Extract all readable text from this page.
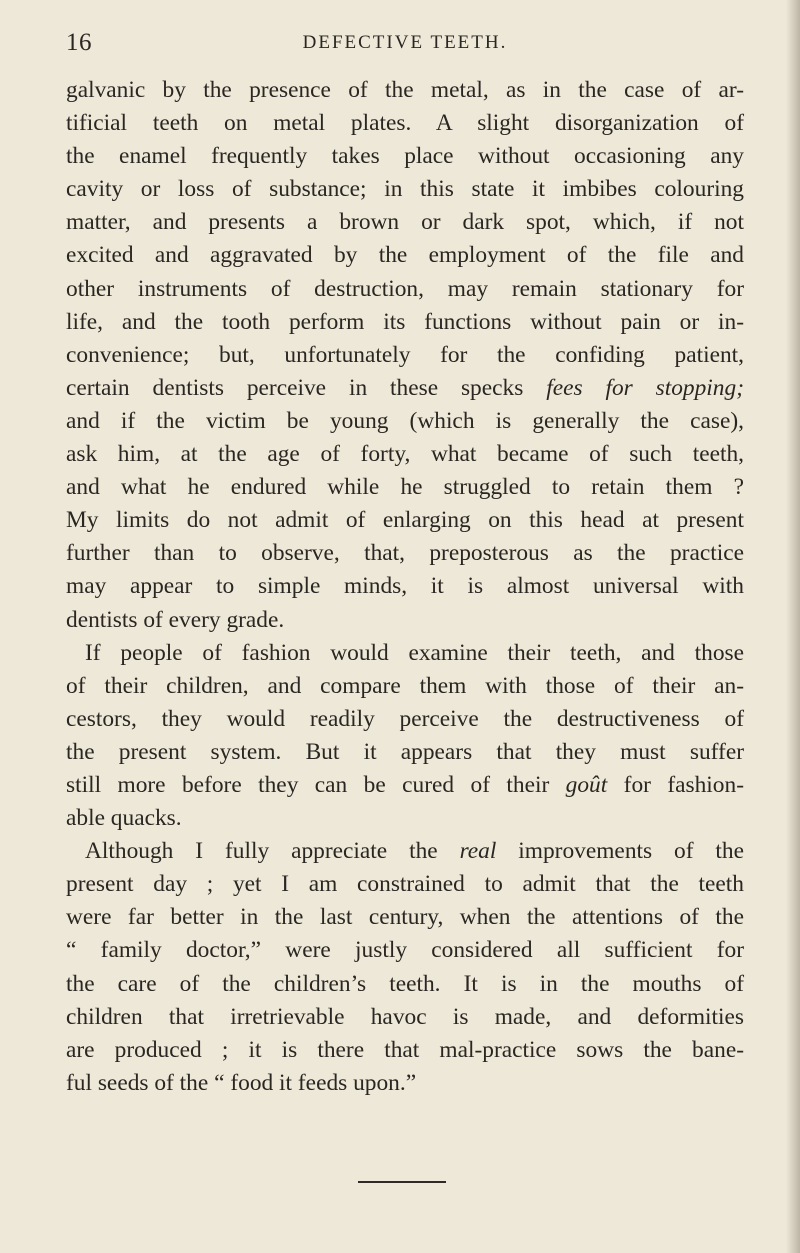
16	DEFECTIVE TEETH.
galvanic by the presence of the metal, as in the case of ar-
tificial teeth on metal plates. A slight disorganization of
the enamel frequently takes place without occasioning any
cavity or loss of substance; in this state it imbibes colouring
matter, and presents a brown or dark spot, which, if not
excited and aggravated by the employment of the file and
other instruments of destruction, may remain stationary for
life, and the tooth perform its functions without pain or in-
convenience; but, unfortunately for the confiding patient,
certain dentists perceive in these specks fees for stopping;
and if the victim be young (which is generally the case),
ask him, at the age of forty, what became of such teeth,
and what he endured while he struggled to retain them ?
My limits do not admit of enlarging on this head at present
further than to observe, that, preposterous as the practice
may appear to simple minds, it is almost universal with
dentists of every grade.
If people of fashion would examine their teeth, and those
of their children, and compare them with those of their an-
cestors, they would readily perceive the destructiveness of
the present system. But it appears that they must suffer
still more before they can be cured of their goût for fashion-
able quacks.
Although I fully appreciate the real improvements of the
present day ; yet I am constrained to admit that the teeth
were far better in the last century, when the attentions of the
“ family doctor,” were justly considered all sufficient for
the care of the children’s teeth. It is in the mouths of
children that irretrievable havoc is made, and deformities
are produced ; it is there that mal-practice sows the bane-
ful seeds of the “ food it feeds upon.”
